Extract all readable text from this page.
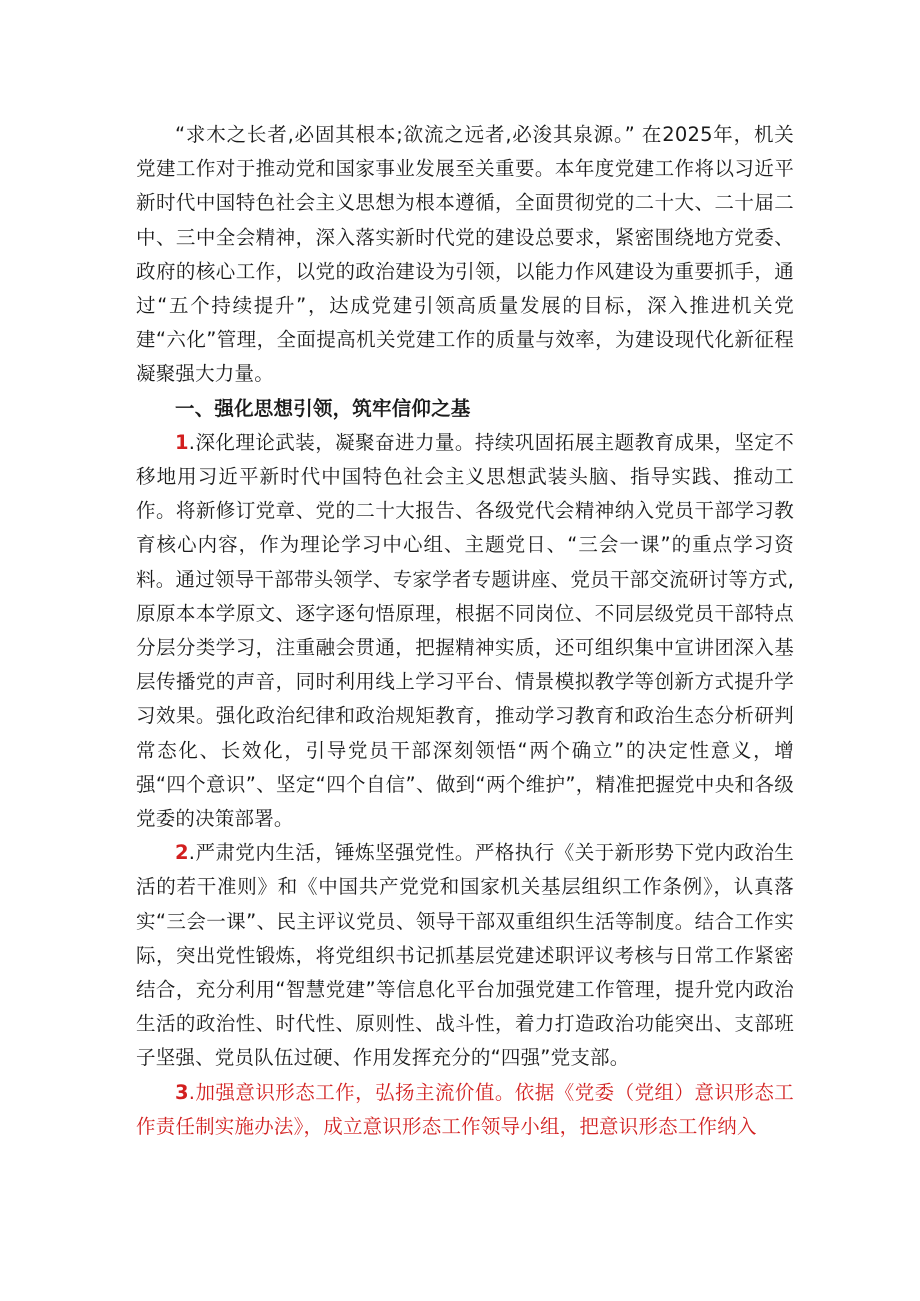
“求木之长者,必固其根本;欲流之远者,必浚其泉源。” 在2025年，机关党建工作对于推动党和国家事业发展至关重要。本年度党建工作将以习近平新时代中国特色社会主义思想为根本遵循，全面贯彻党的二十大、二十届二中、三中全会精神，深入落实新时代党的建设总要求，紧密围绕地方党委、政府的核心工作，以党的政治建设为引领，以能力作风建设为重要抓手，通过“五个持续提升”，达成党建引领高质量发展的目标，深入推进机关党建“六化”管理，全面提高机关党建工作的质量与效率，为建设现代化新征程凝聚强大力量。

一、强化思想引领，筑牢信仰之基

1.深化理论武装，凝聚奋进力量。持续巩固拓展主题教育成果，坚定不移地用习近平新时代中国特色社会主义思想武装头脑、指导实践、推动工作。将新修订党章、党的二十大报告、各级党代会精神纳入党员干部学习教育核心内容，作为理论学习中心组、主题党日、“三会一课”的重点学习资料。通过领导干部带头领学、专家学者专题讲座、党员干部交流研讨等方式,原原本本学原文、逐字逐句悟原理，根据不同岗位、不同层级党员干部特点分层分类学习，注重融会贯通，把握精神实质，还可组织集中宣讲团深入基层传播党的声音，同时利用线上学习平台、情景模拟教学等创新方式提升学习效果。强化政治纪律和政治规矩教育，推动学习教育和政治生态分析研判常态化、长效化，引导党员干部深刻领悟“两个确立”的决定性意义，增强“四个意识”、坚定“四个自信”、做到“两个维护”，精准把握党中央和各级党委的决策部署。

2.严肃党内生活，锤炼坚强党性。严格执行《关于新形势下党内政治生活的若干准则》和《中国共产党党和国家机关基层组织工作条例》，认真落实“三会一课”、民主评议党员、领导干部双重组织生活等制度。结合工作实际，突出党性锻炼，将党组织书记抓基层党建述职评议考核与日常工作紧密结合，充分利用“智慧党建”等信息化平台加强党建工作管理，提升党内政治生活的政治性、时代性、原则性、战斗性，着力打造政治功能突出、支部班子坚强、党员队伍过硬、作用发挥充分的“四强”党支部。

3.加强意识形态工作，弘扬主流价值。依据《党委（党组）意识形态工作责任制实施办法》，成立意识形态工作领导小组，把意识形态工作纳入
